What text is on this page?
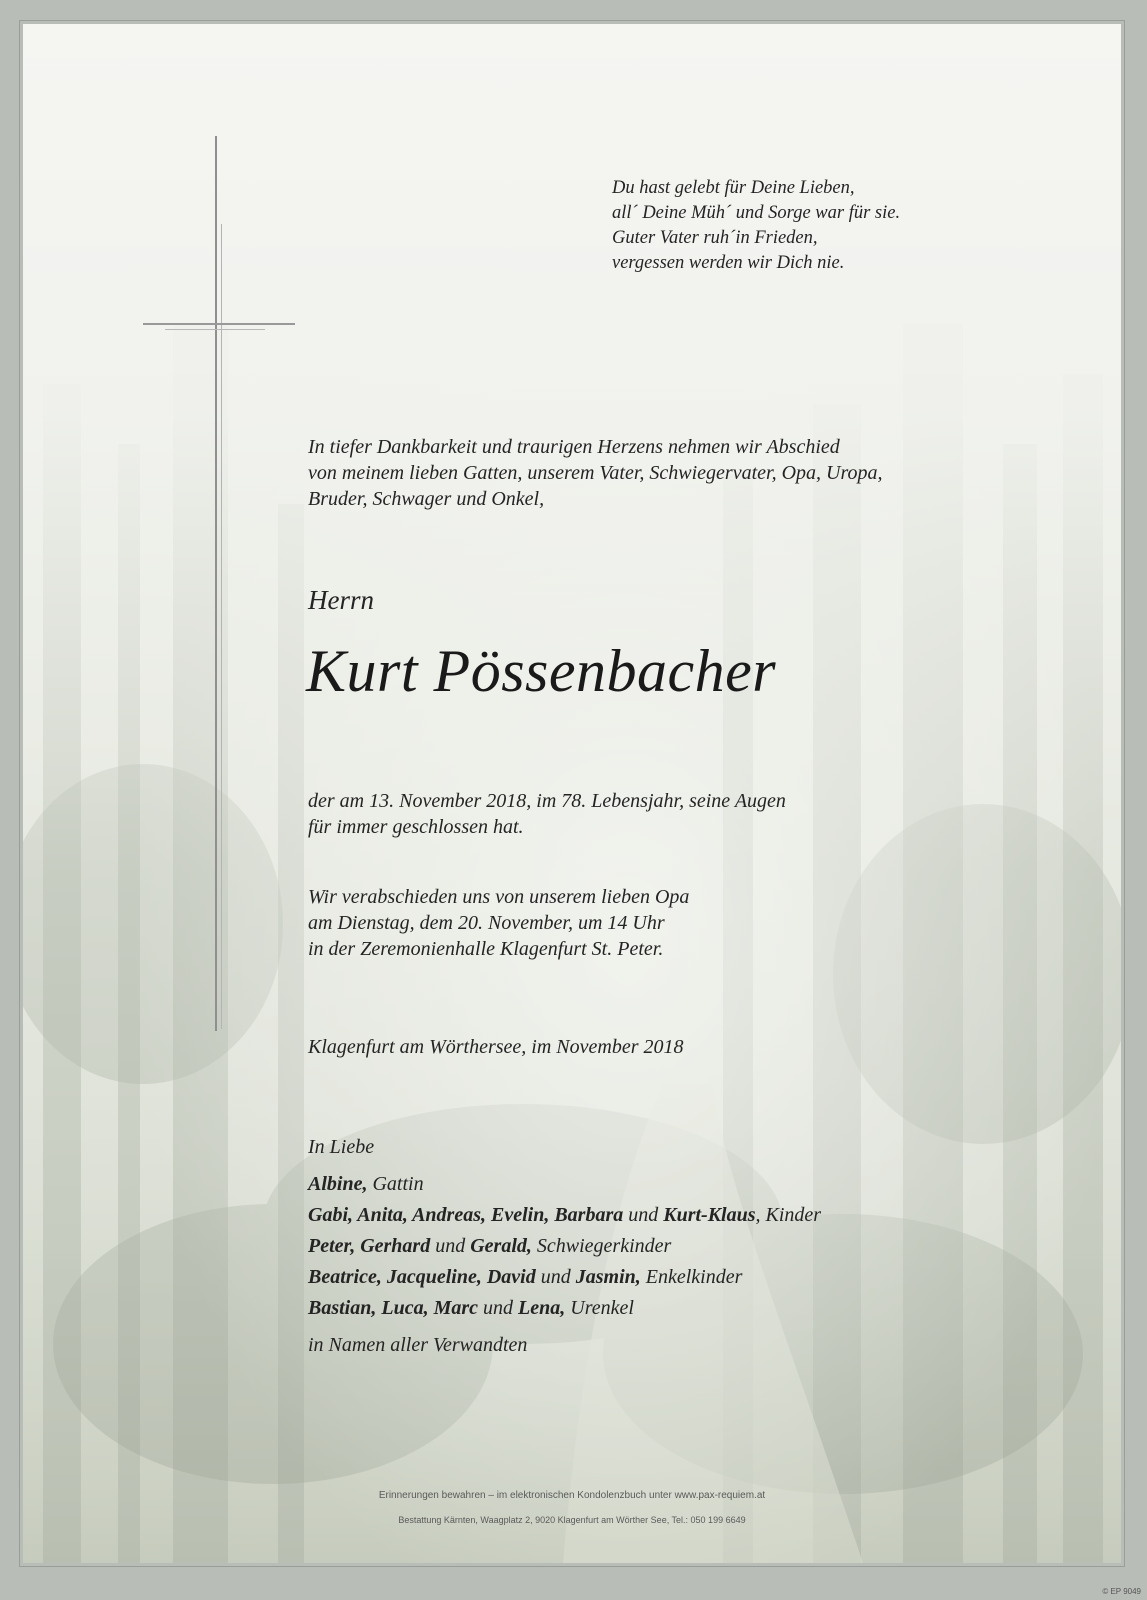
Du hast gelebt für Deine Lieben,
all´ Deine Müh´ und Sorge war für sie.
Guter Vater ruh´in Frieden,
vergessen werden wir Dich nie.
In tiefer Dankbarkeit und traurigen Herzens nehmen wir Abschied
von meinem lieben Gatten, unserem Vater, Schwiegervater, Opa, Uropa,
Bruder, Schwager und Onkel,
Herrn
Kurt Pössenbacher
der am 13. November 2018, im 78. Lebensjahr, seine Augen
für immer geschlossen hat.
Wir verabschieden uns von unserem lieben Opa
am Dienstag, dem 20. November, um 14 Uhr
in der Zeremonienhalle Klagenfurt St. Peter.
Klagenfurt am Wörthersee, im November 2018
In Liebe
Albine, Gattin
Gabi, Anita, Andreas, Evelin, Barbara und Kurt-Klaus, Kinder
Peter, Gerhard und Gerald, Schwiegerkinder
Beatrice, Jacqueline, David und Jasmin, Enkelkinder
Bastian, Luca, Marc und Lena, Urenkel
in Namen aller Verwandten
Erinnerungen bewahren – im elektronischen Kondolenzbuch unter www.pax-requiem.at
Bestattung Kärnten, Waagplatz 2, 9020 Klagenfurt am Wörther See, Tel.: 050 199 6649
© EP 9049
